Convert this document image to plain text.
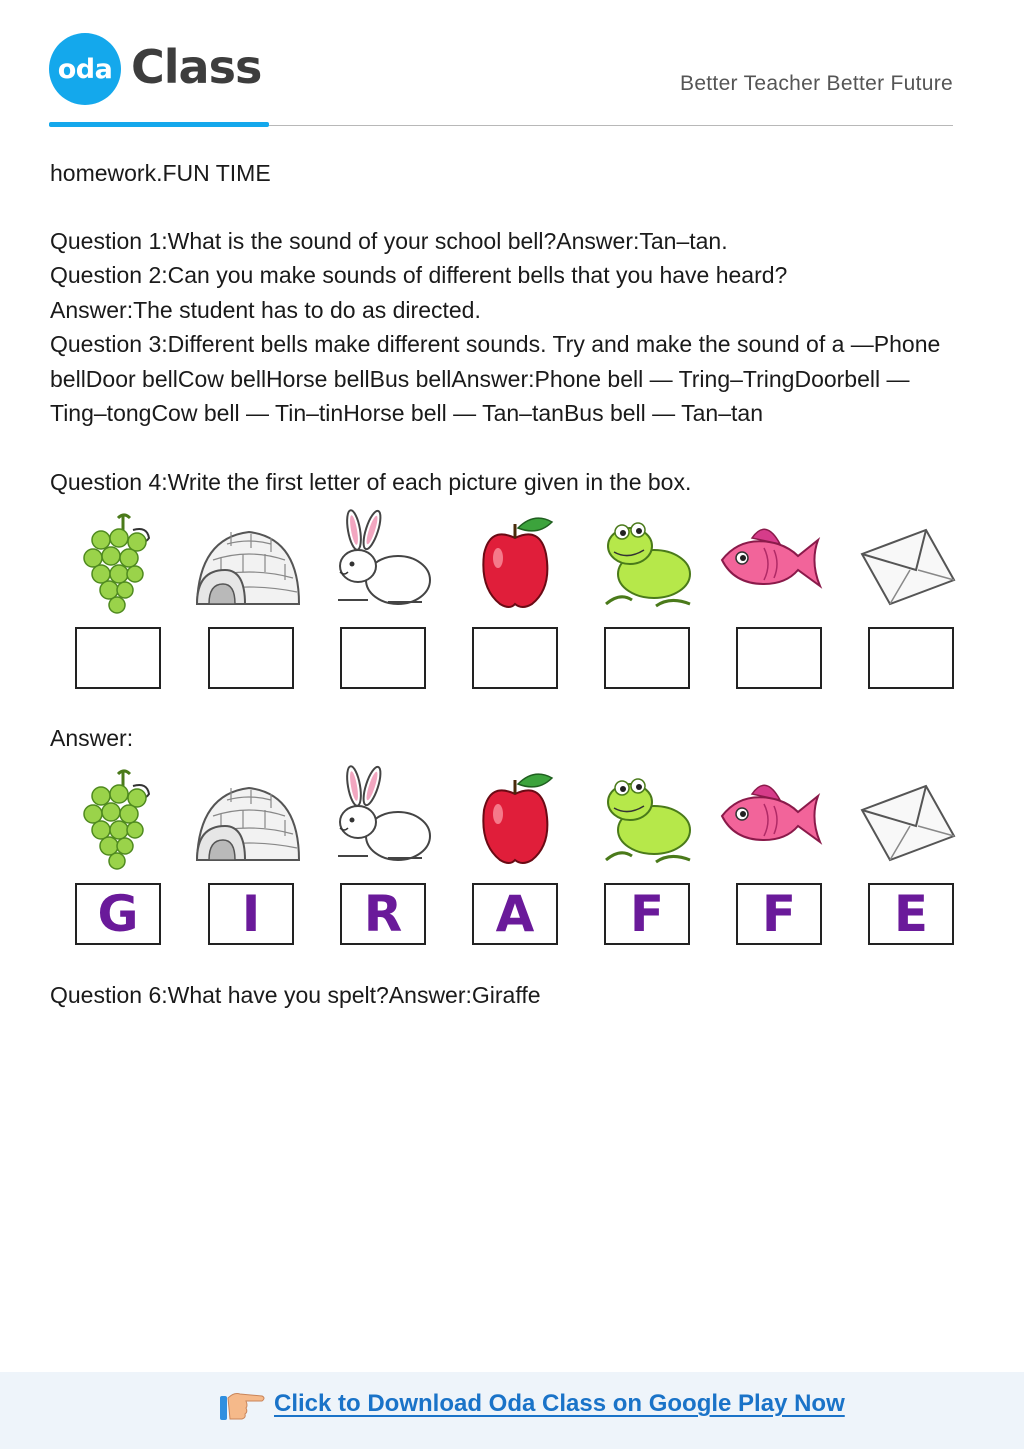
oda Class	Better Teacher Better Future
homework.FUN TIME
Question 1:What is the sound of your school bell?Answer:Tan–tan.
Question 2:Can you make sounds of different bells that you have heard?
Answer:The student has to do as directed.
Question 3:Different bells make different sounds. Try and make the sound of a —Phone bellDoor bellCow bellHorse bellBus bellAnswer:Phone bell — Tring–TringDoorbell — Ting–tongCow bell — Tin–tinHorse bell — Tan–tanBus bell — Tan–tan
Question 4:Write the first letter of each picture given in the box.
Answer:
G I R A F F E
Question 6:What have you spelt?Answer:Giraffe
Click to Download Oda Class on Google Play Now
